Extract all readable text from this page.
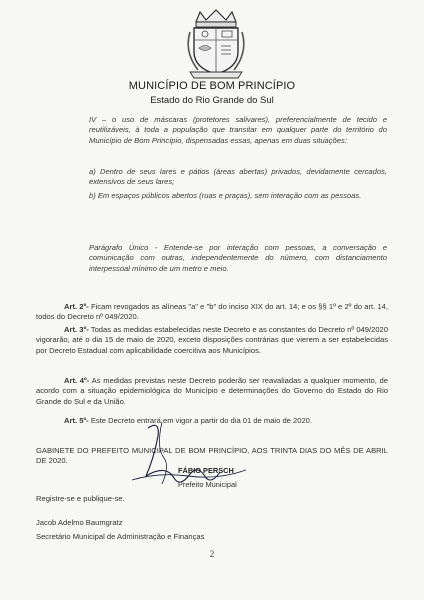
MUNICÍPIO DE BOM PRINCÍPIO
Estado do Rio Grande do Sul
IV – o uso de máscaras (protetores salivares), preferencialmente de tecido e reutilizáveis, à toda a população que transitar em qualquer parte do território do Município de Bom Princípio, dispensadas essas, apenas em duas situações:
a) Dentro de seus lares e pátios (áreas abertas) privados, devidamente cercados, extensivos de seus lares;
b) Em espaços públicos abertos (ruas e praças), sem interação com as pessoas.
Parágrafo Único - Entende-se por interação com pessoas, a conversação e comunicação com outras, independentemente do número, com distanciamento interpessoal mínimo de um metro e meio.
Art. 2º- Ficam revogados as alíneas "a" e "b" do inciso XIX do art. 14; e os §§ 1º e 2º do art. 14, todos do Decreto nº 049/2020.
Art. 3º- Todas as medidas estabelecidas neste Decreto e as constantes do Decreto nº 049/2020 vigorarão, até o dia 15 de maio de 2020, exceto disposições contrárias que vierem a ser estabelecidas por Decreto Estadual com aplicabilidade coercitiva aos Municípios.
Art. 4º- As medidas previstas neste Decreto poderão ser reavaliadas a qualquer momento, de acordo com a situação epidemiológica do Município e determinações do Governo do Estado do Rio Grande do Sul e da União.
Art. 5º- Este Decreto entrará em vigor a partir do dia 01 de maio de 2020.
GABINETE DO PREFEITO MUNICIPAL DE BOM PRINCÍPIO, AOS TRINTA DIAS DO MÊS DE ABRIL DE 2020.
FÁBIO PERSCH
Prefeito Municipal
Registre-se e publique-se.
Jacob Adelmo Baumgratz
Secretário Municipal de Administração e Finanças
2
